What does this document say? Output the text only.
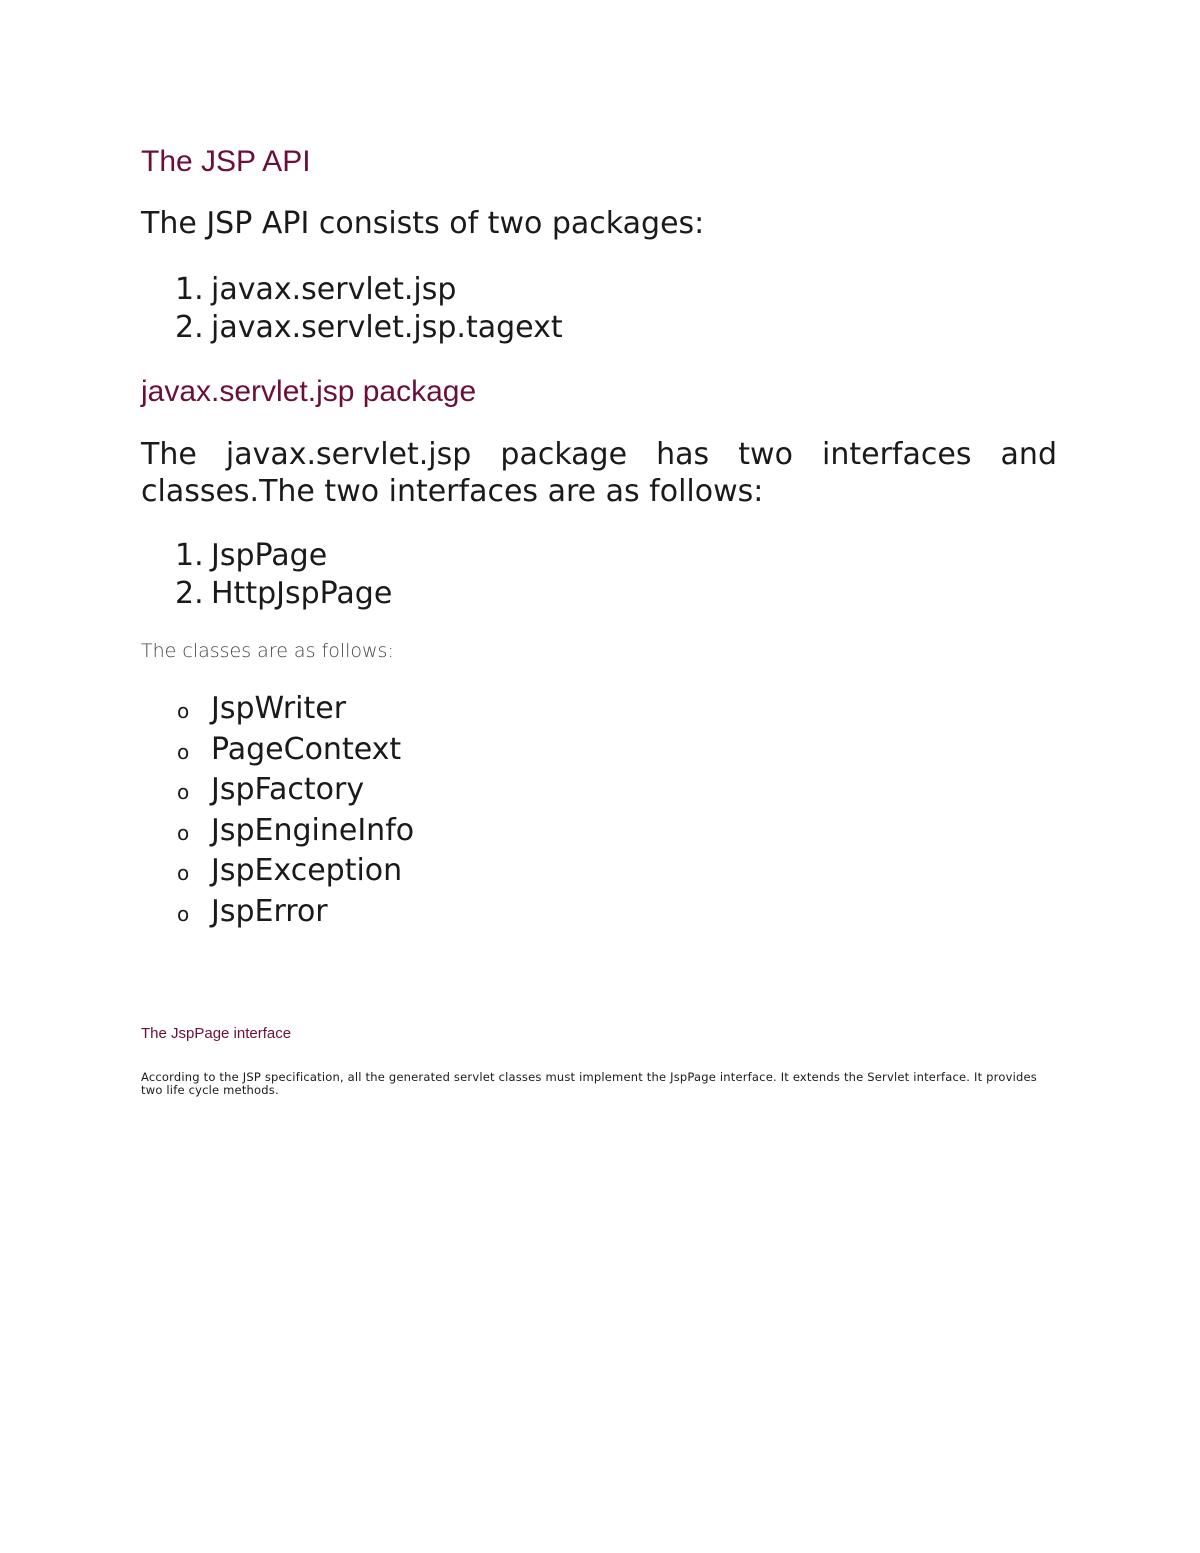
The JSP API

The JSP API consists of two packages:

1. javax.servlet.jsp
2. javax.servlet.jsp.tagext
javax.servlet.jsp package

The javax.servlet.jsp package has two interfaces and classes.The two interfaces are as follows:

1. JspPage
2. HttpJspPage

The classes are as follows:

o JspWriter
o PageContext
o JspFactory
o JspEngineInfo
o JspException
o JspError
The JspPage interface

According to the JSP specification, all the generated servlet classes must implement the JspPage interface. It extends the Servlet interface. It provides two life cycle methods.
